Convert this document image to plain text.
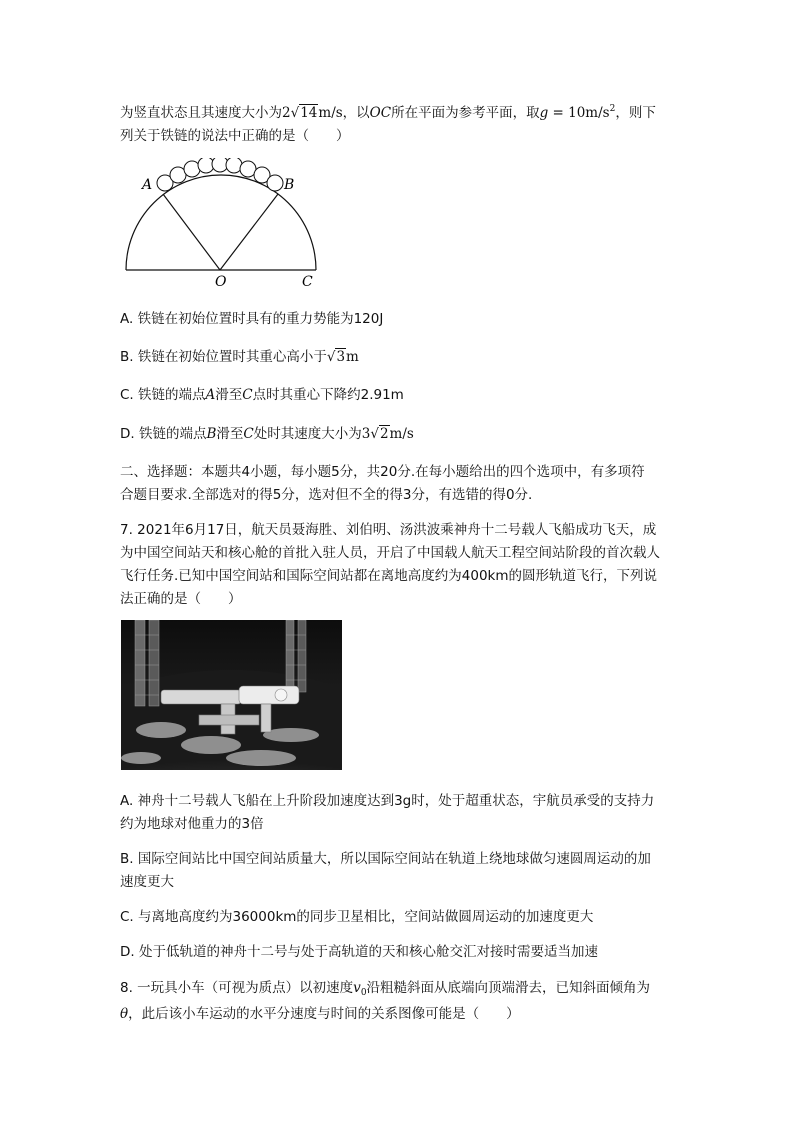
为竖直状态且其速度大小为2√14m/s，以OC所在平面为参考平面，取$g = 10m/s^2$，则下
列关于铁链的说法中正确的是（　　）
A	B
O	C
A. 铁链在初始位置时具有的重力势能为120J
B. 铁链在初始位置时其重心高小于√3m
C. 铁链的端点A滑至C点时其重心下降约2.91m
D. 铁链的端点B滑至C处时其速度大小为3√2m/s
二、选择题：本题共4小题，每小题5分，共20分.在每小题给出的四个选项中，有多项符
合题目要求.全部选对的得5分，选对但不全的得3分，有选错的得0分.
7. 2021年6月17日，航天员聂海胜、刘伯明、汤洪波乘神舟十二号载人飞船成功飞天，成
为中国空间站天和核心舱的首批入驻人员，开启了中国载人航天工程空间站阶段的首次载人
飞行任务.已知中国空间站和国际空间站都在离地高度约为400km的圆形轨道飞行，下列说
法正确的是（　　）
A. 神舟十二号载人飞船在上升阶段加速度达到3g时，处于超重状态，宇航员承受的支持力
约为地球对他重力的3倍
B. 国际空间站比中国空间站质量大，所以国际空间站在轨道上绕地球做匀速圆周运动的加
速度更大
C. 与离地高度约为36000km的同步卫星相比，空间站做圆周运动的加速度更大
D. 处于低轨道的神舟十二号与处于高轨道的天和核心舱交汇对接时需要适当加速
8. 一玩具小车（可视为质点）以初速度$v_0$沿粗糙斜面从底端向顶端滑去，已知斜面倾角为
θ，此后该小车运动的水平分速度与时间的关系图像可能是（　　）
